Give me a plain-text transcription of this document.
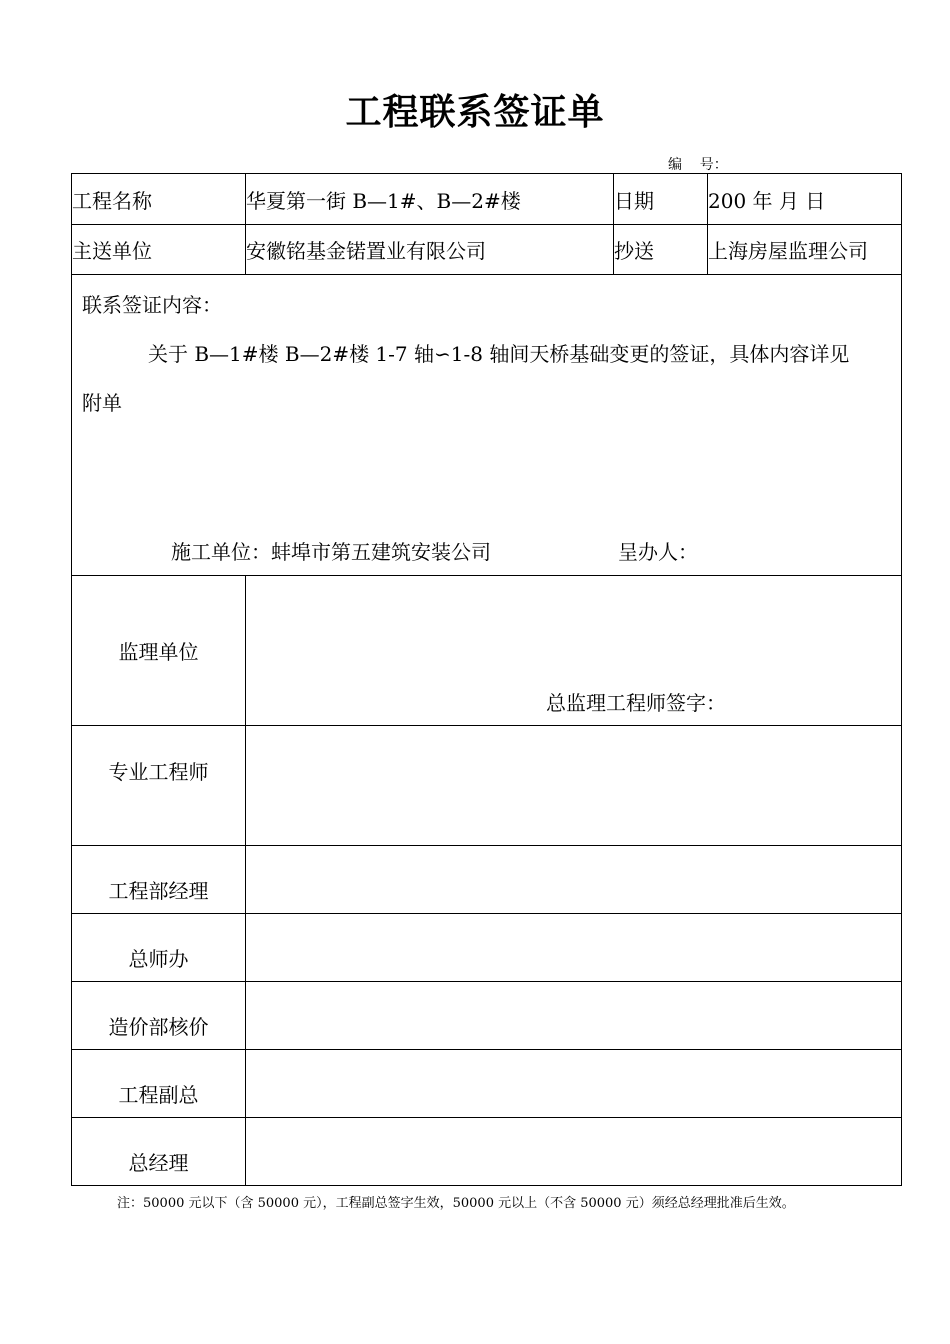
工程联系签证单
编    号：
工程名称	华夏第一街 B—1#、B—2#楼	日期	200 年 月 日
主送单位	安徽铭基金锘置业有限公司	抄送	上海房屋监理公司

联系签证内容：
关于 B—1#楼 B—2#楼 1-7 轴∽1-8 轴间天桥基础变更的签证，具体内容详见
附单
施工单位：蚌埠市第五建筑安装公司 呈办人：			

监理单位	总监理工程师签字：		

专业工程师			

工程部经理			

总师办			

造价部核价			

工程副总			

总经理			

注：50000 元以下（含 50000 元），工程副总签字生效，50000 元以上（不含 50000 元）须经总经理批准后生效。
